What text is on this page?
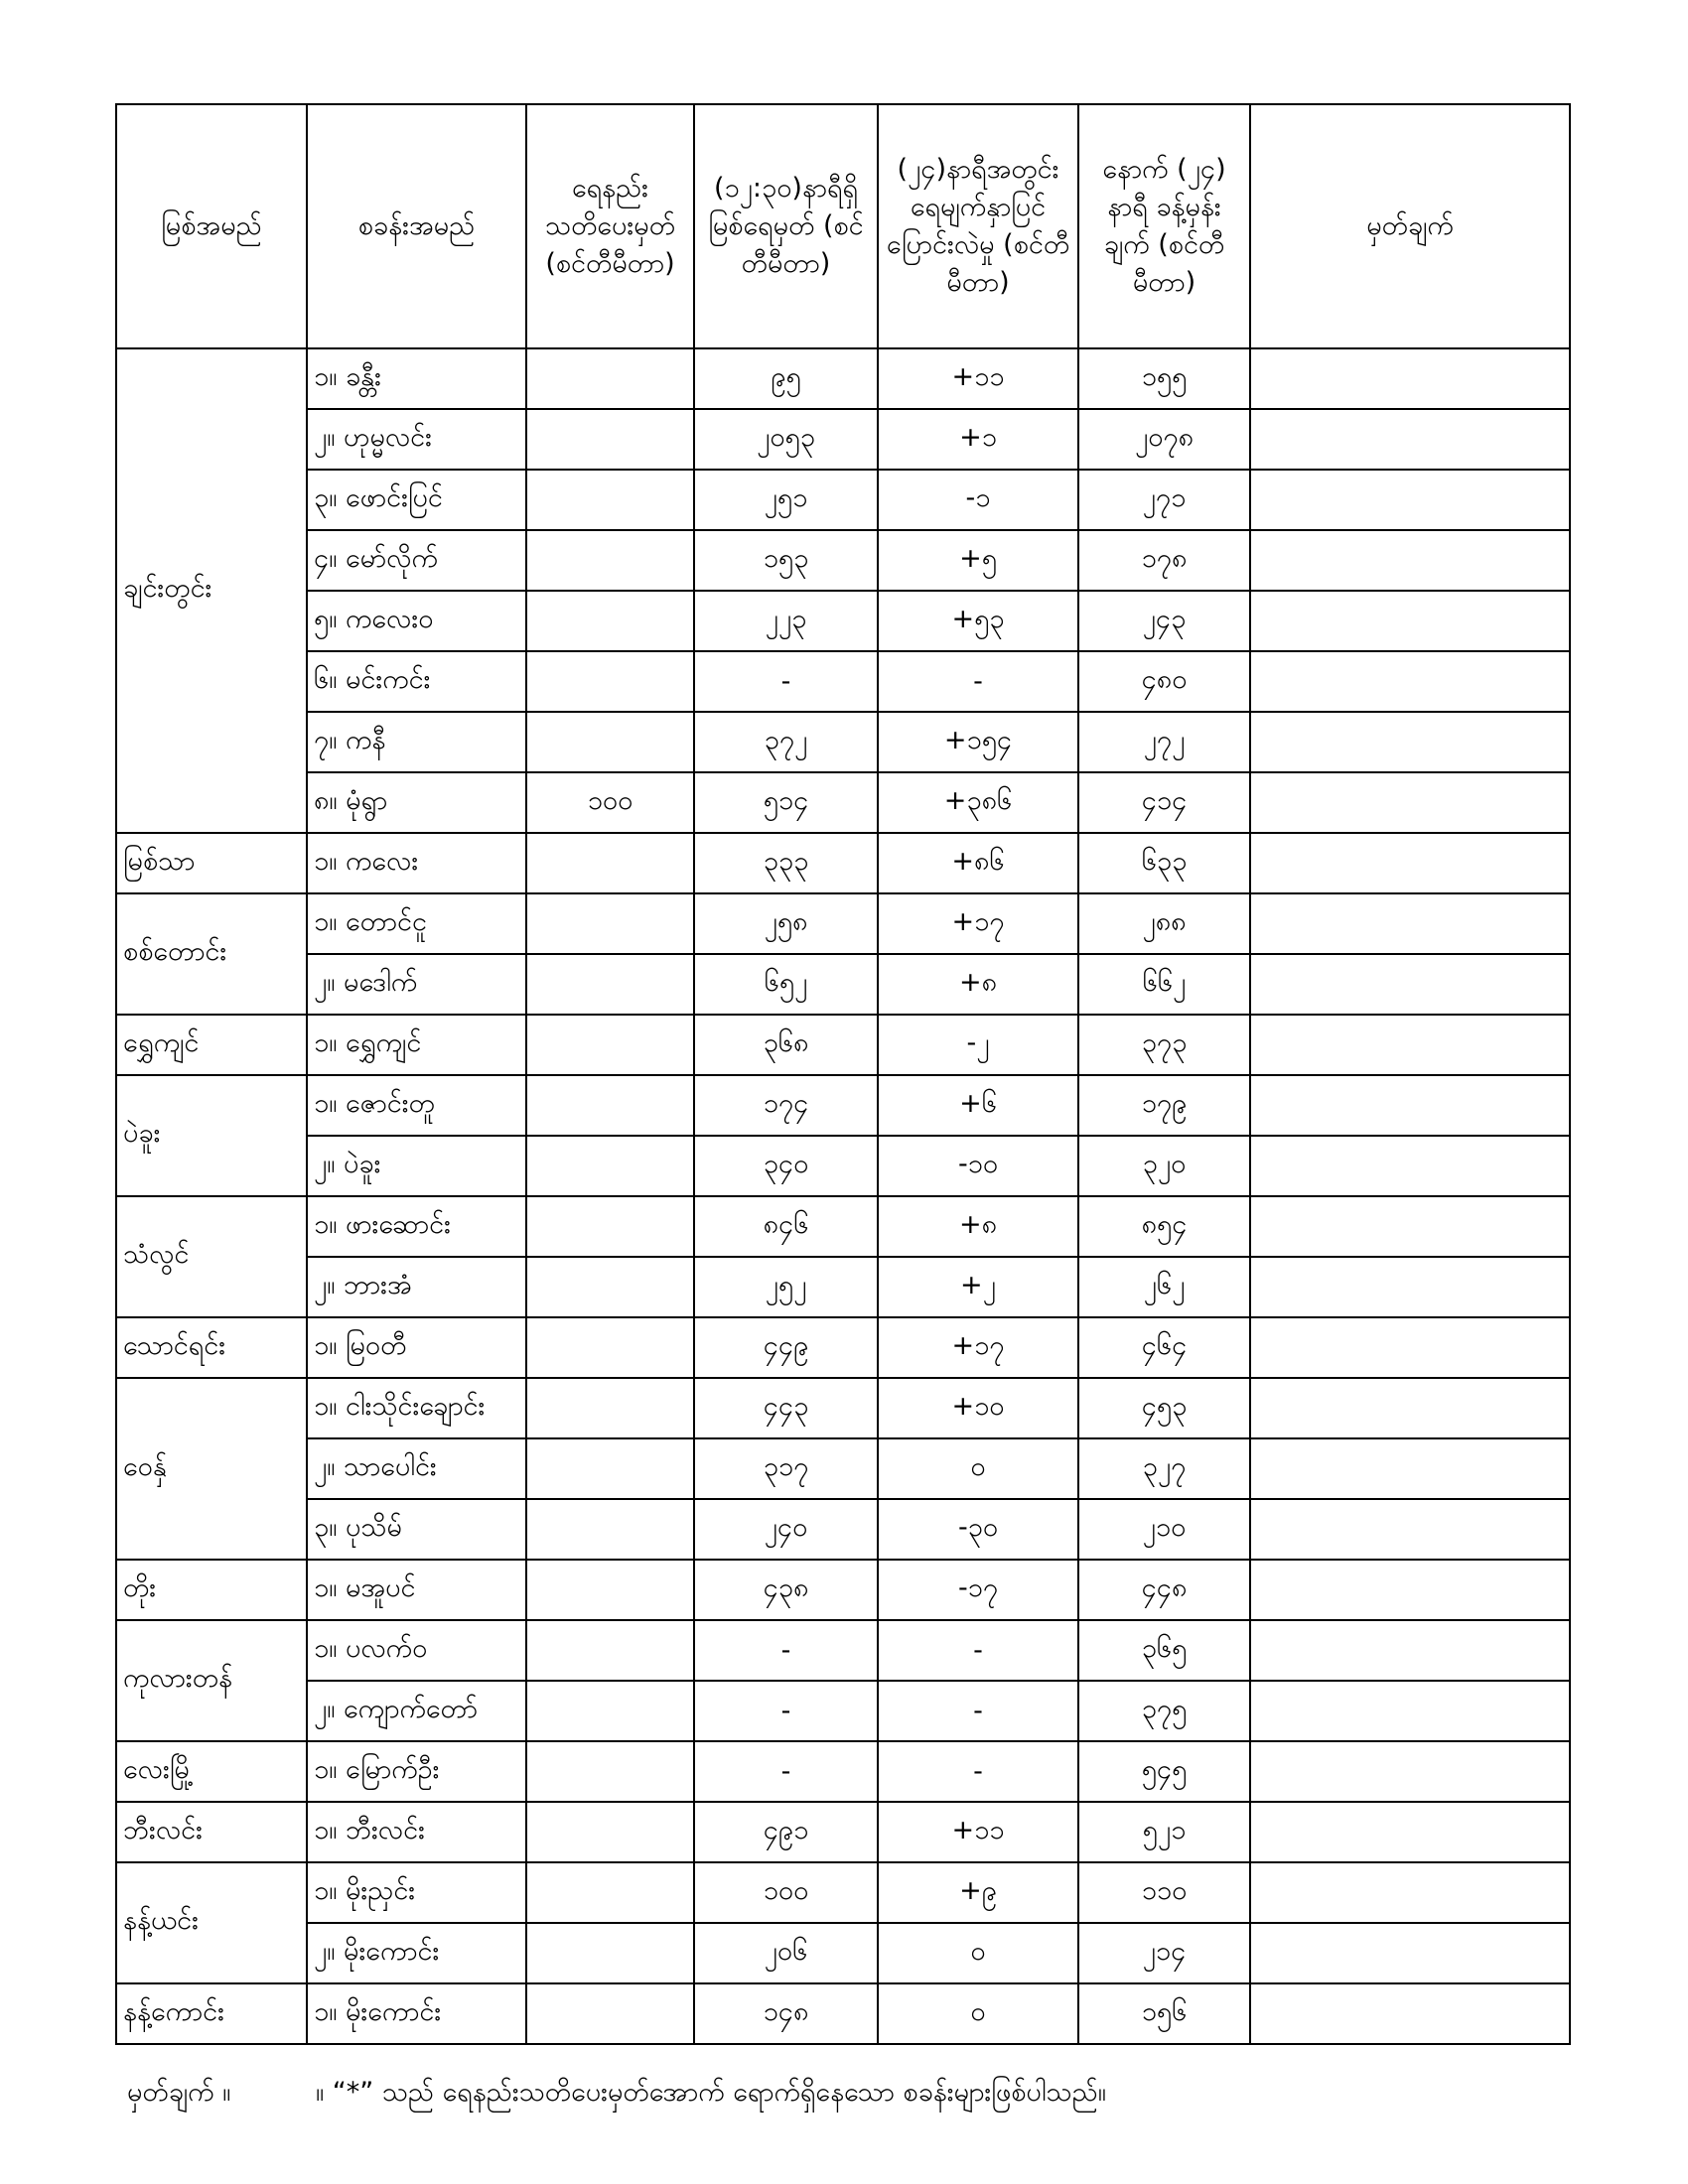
မြစ်အမည်	စခန်းအမည်	ရေနည်း သတိပေးမှတ် (စင်တီမီတာ)	(၁၂:၃၀)နာရီရှိ မြစ်ရေမှတ် (စင်တီမီတာ)	(၂၄)နာရီအတွင်း ရေမျက်နှာပြင် ပြောင်းလဲမှု (စင်တီမီတာ)	နောက် (၂၄) နာရီ ခန့်မှန်းချက် (စင်တီမီတာ)	မှတ်ချက်
ချင်းတွင်း	၁။ ခန္တီး		၉၅	+၁၁	၁၅၅	
	၂။ ဟုမ္မလင်း		၂၀၅၃	+၁	၂၀၇၈	
	၃။ ဖောင်းပြင်		၂၅၁	-၁	၂၇၁	
	၄။ မော်လိုက်		၁၅၃	+၅	၁၇၈	
	၅။ ကလေးဝ		၂၂၃	+၅၃	၂၄၃	
	၆။ မင်းကင်း		-	-	၄၈၀	
	၇။ ကနီ		၃၇၂	+၁၅၄	၂၇၂	
	၈။ မုံရွာ	၁၀၀	၅၁၄	+၃၈၆	၄၁၄	
မြစ်သာ	၁။ ကလေး		၃၃၃	+၈၆	၆၃၃	
စစ်တောင်း	၁။ တောင်ငူ		၂၅၈	+၁၇	၂၈၈	
	၂။ မဒေါက်		၆၅၂	+၈	၆၆၂	
ရွှေကျင်	၁။ ရွှေကျင်		၃၆၈	-၂	၃၇၃	
ပဲခူး	၁။ ဇောင်းတူ		၁၇၄	+၆	၁၇၉	
	၂။ ပဲခူး		၃၄၀	-၁၀	၃၂၀	
သံလွင်	၁။ ဖားဆောင်း		၈၄၆	+၈	၈၅၄	
	၂။ ဘားအံ		၂၅၂	+၂	၂၆၂	
သောင်ရင်း	၁။ မြဝတီ		၄၄၉	+၁၇	၄၆၄	
ဝေနှ်	၁။ ငါးသိုင်းချောင်း		၄၄၃	+၁၀	၄၅၃	
	၂။ သာပေါင်း		၃၁၇	၀	၃၂၇	
	၃။ ပုသိမ်		၂၄၀	-၃၀	၂၁၀	
တိုး	၁။ မအူပင်		၄၃၈	-၁၇	၄၄၈	
ကုလားတန်	၁။ ပလက်ဝ		-	-	၃၆၅	
	၂။ ကျောက်တော်		-	-	၃၇၅	
လေးမြို့	၁။ မြောက်ဦး		-	-	၅၄၅	
ဘီးလင်း	၁။ ဘီးလင်း		၄၉၁	+၁၁	၅၂၁	
နန့်ယင်း	၁။ မိုးညှင်း		၁၀၀	+၉	၁၁၀	
	၂။ မိုးကောင်း		၂၀၆	၀	၂၁၄	
နန့်ကောင်း	၁။ မိုးကောင်း		၁၄၈	၀	၁၅၆	
မှတ်ချက် ။	။ “*” သည် ရေနည်းသတိပေးမှတ်အောက် ရောက်ရှိနေသော စခန်းများဖြစ်ပါသည်။
